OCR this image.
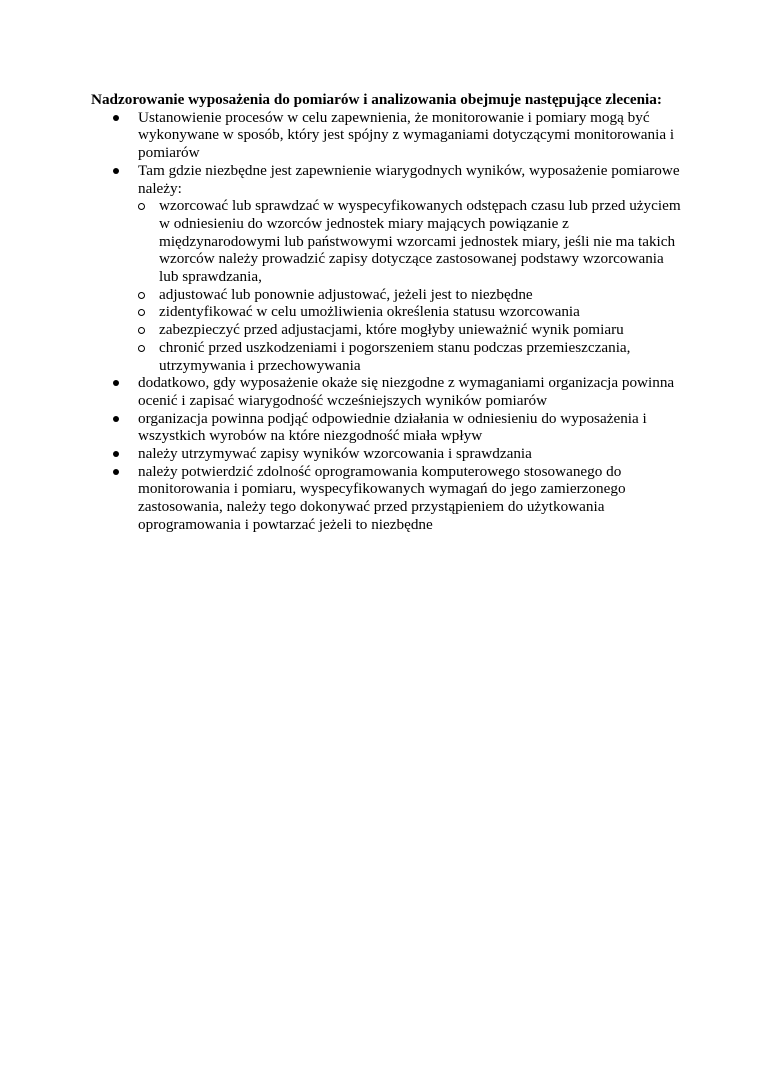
Nadzorowanie wyposażenia do pomiarów i analizowania obejmuje następujące zlecenia:

Ustanowienie procesów w celu zapewnienia, że monitorowanie i pomiary mogą być wykonywane w sposób, który jest spójny z wymaganiami dotyczącymi monitorowania i pomiarów
Tam gdzie niezbędne jest zapewnienie wiarygodnych wyników, wyposażenie pomiarowe należy:
wzorcować lub sprawdzać w wyspecyfikowanych odstępach czasu lub przed użyciem w odniesieniu do wzorców jednostek miary mających powiązanie z międzynarodowymi lub państwowymi wzorcami jednostek miary, jeśli nie ma takich wzorców należy prowadzić zapisy dotyczące zastosowanej podstawy wzorcowania lub sprawdzania,
adjustować lub ponownie adjustować, jeżeli jest to niezbędne
zidentyfikować w celu umożliwienia określenia statusu wzorcowania
zabezpieczyć przed adjustacjami, które mogłyby unieważnić wynik pomiaru
chronić przed uszkodzeniami i pogorszeniem stanu podczas przemieszczania, utrzymywania i przechowywania
dodatkowo, gdy wyposażenie okaże się niezgodne z wymaganiami organizacja powinna ocenić i zapisać wiarygodność wcześniejszych wyników pomiarów
organizacja powinna podjąć odpowiednie działania w odniesieniu do wyposażenia i wszystkich wyrobów na które niezgodność miała wpływ
należy utrzymywać zapisy wyników wzorcowania i sprawdzania
należy potwierdzić zdolność oprogramowania komputerowego stosowanego do monitorowania i pomiaru, wyspecyfikowanych wymagań do jego zamierzonego zastosowania, należy tego dokonywać przed przystąpieniem do użytkowania oprogramowania i powtarzać jeżeli to niezbędne
